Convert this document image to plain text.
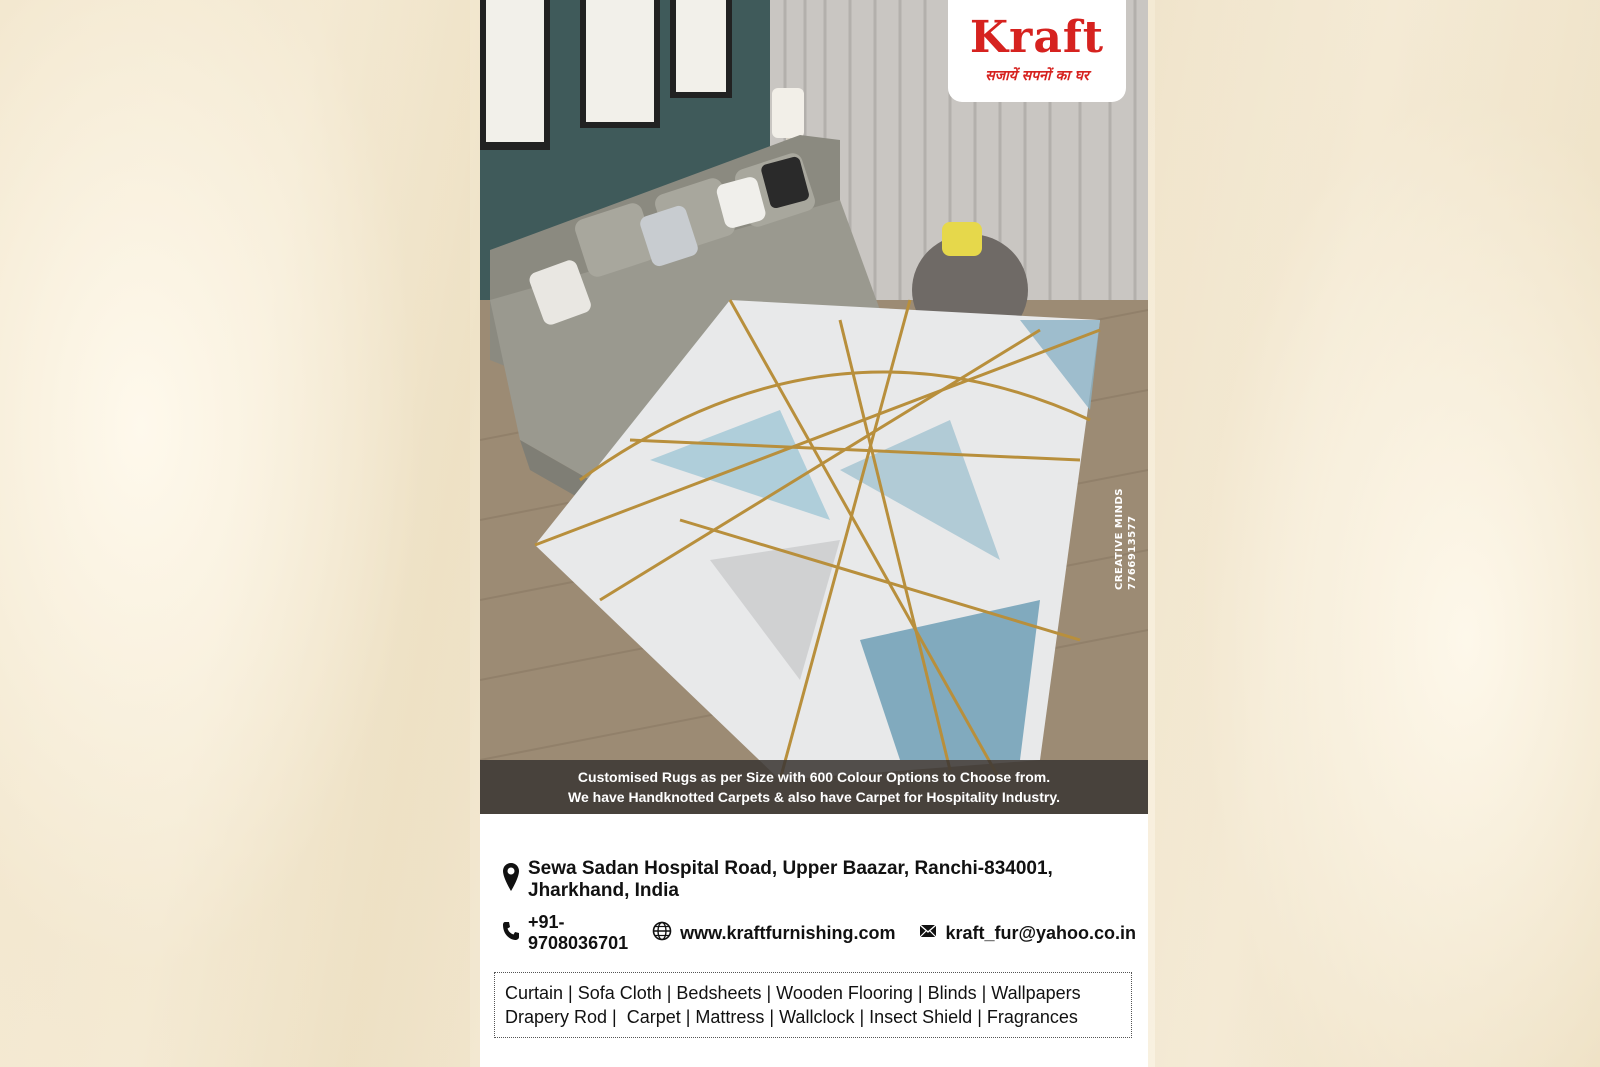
Kraft
सजायें सपनों का घर
CREATIVE MINDS 7766913577
Customised Rugs as per Size with 600 Colour Options to Choose from.
We have Handknotted Carpets & also have Carpet for Hospitality Industry.
Sewa Sadan Hospital Road, Upper Baazar, Ranchi-834001, Jharkhand, India
+91-9708036701
www.kraftfurnishing.com	kraft_fur@yahoo.co.in
Curtain | Sofa Cloth | Bedsheets | Wooden Flooring | Blinds | Wallpapers
Drapery Rod |  Carpet | Mattress | Wallclock | Insect Shield | Fragrances
